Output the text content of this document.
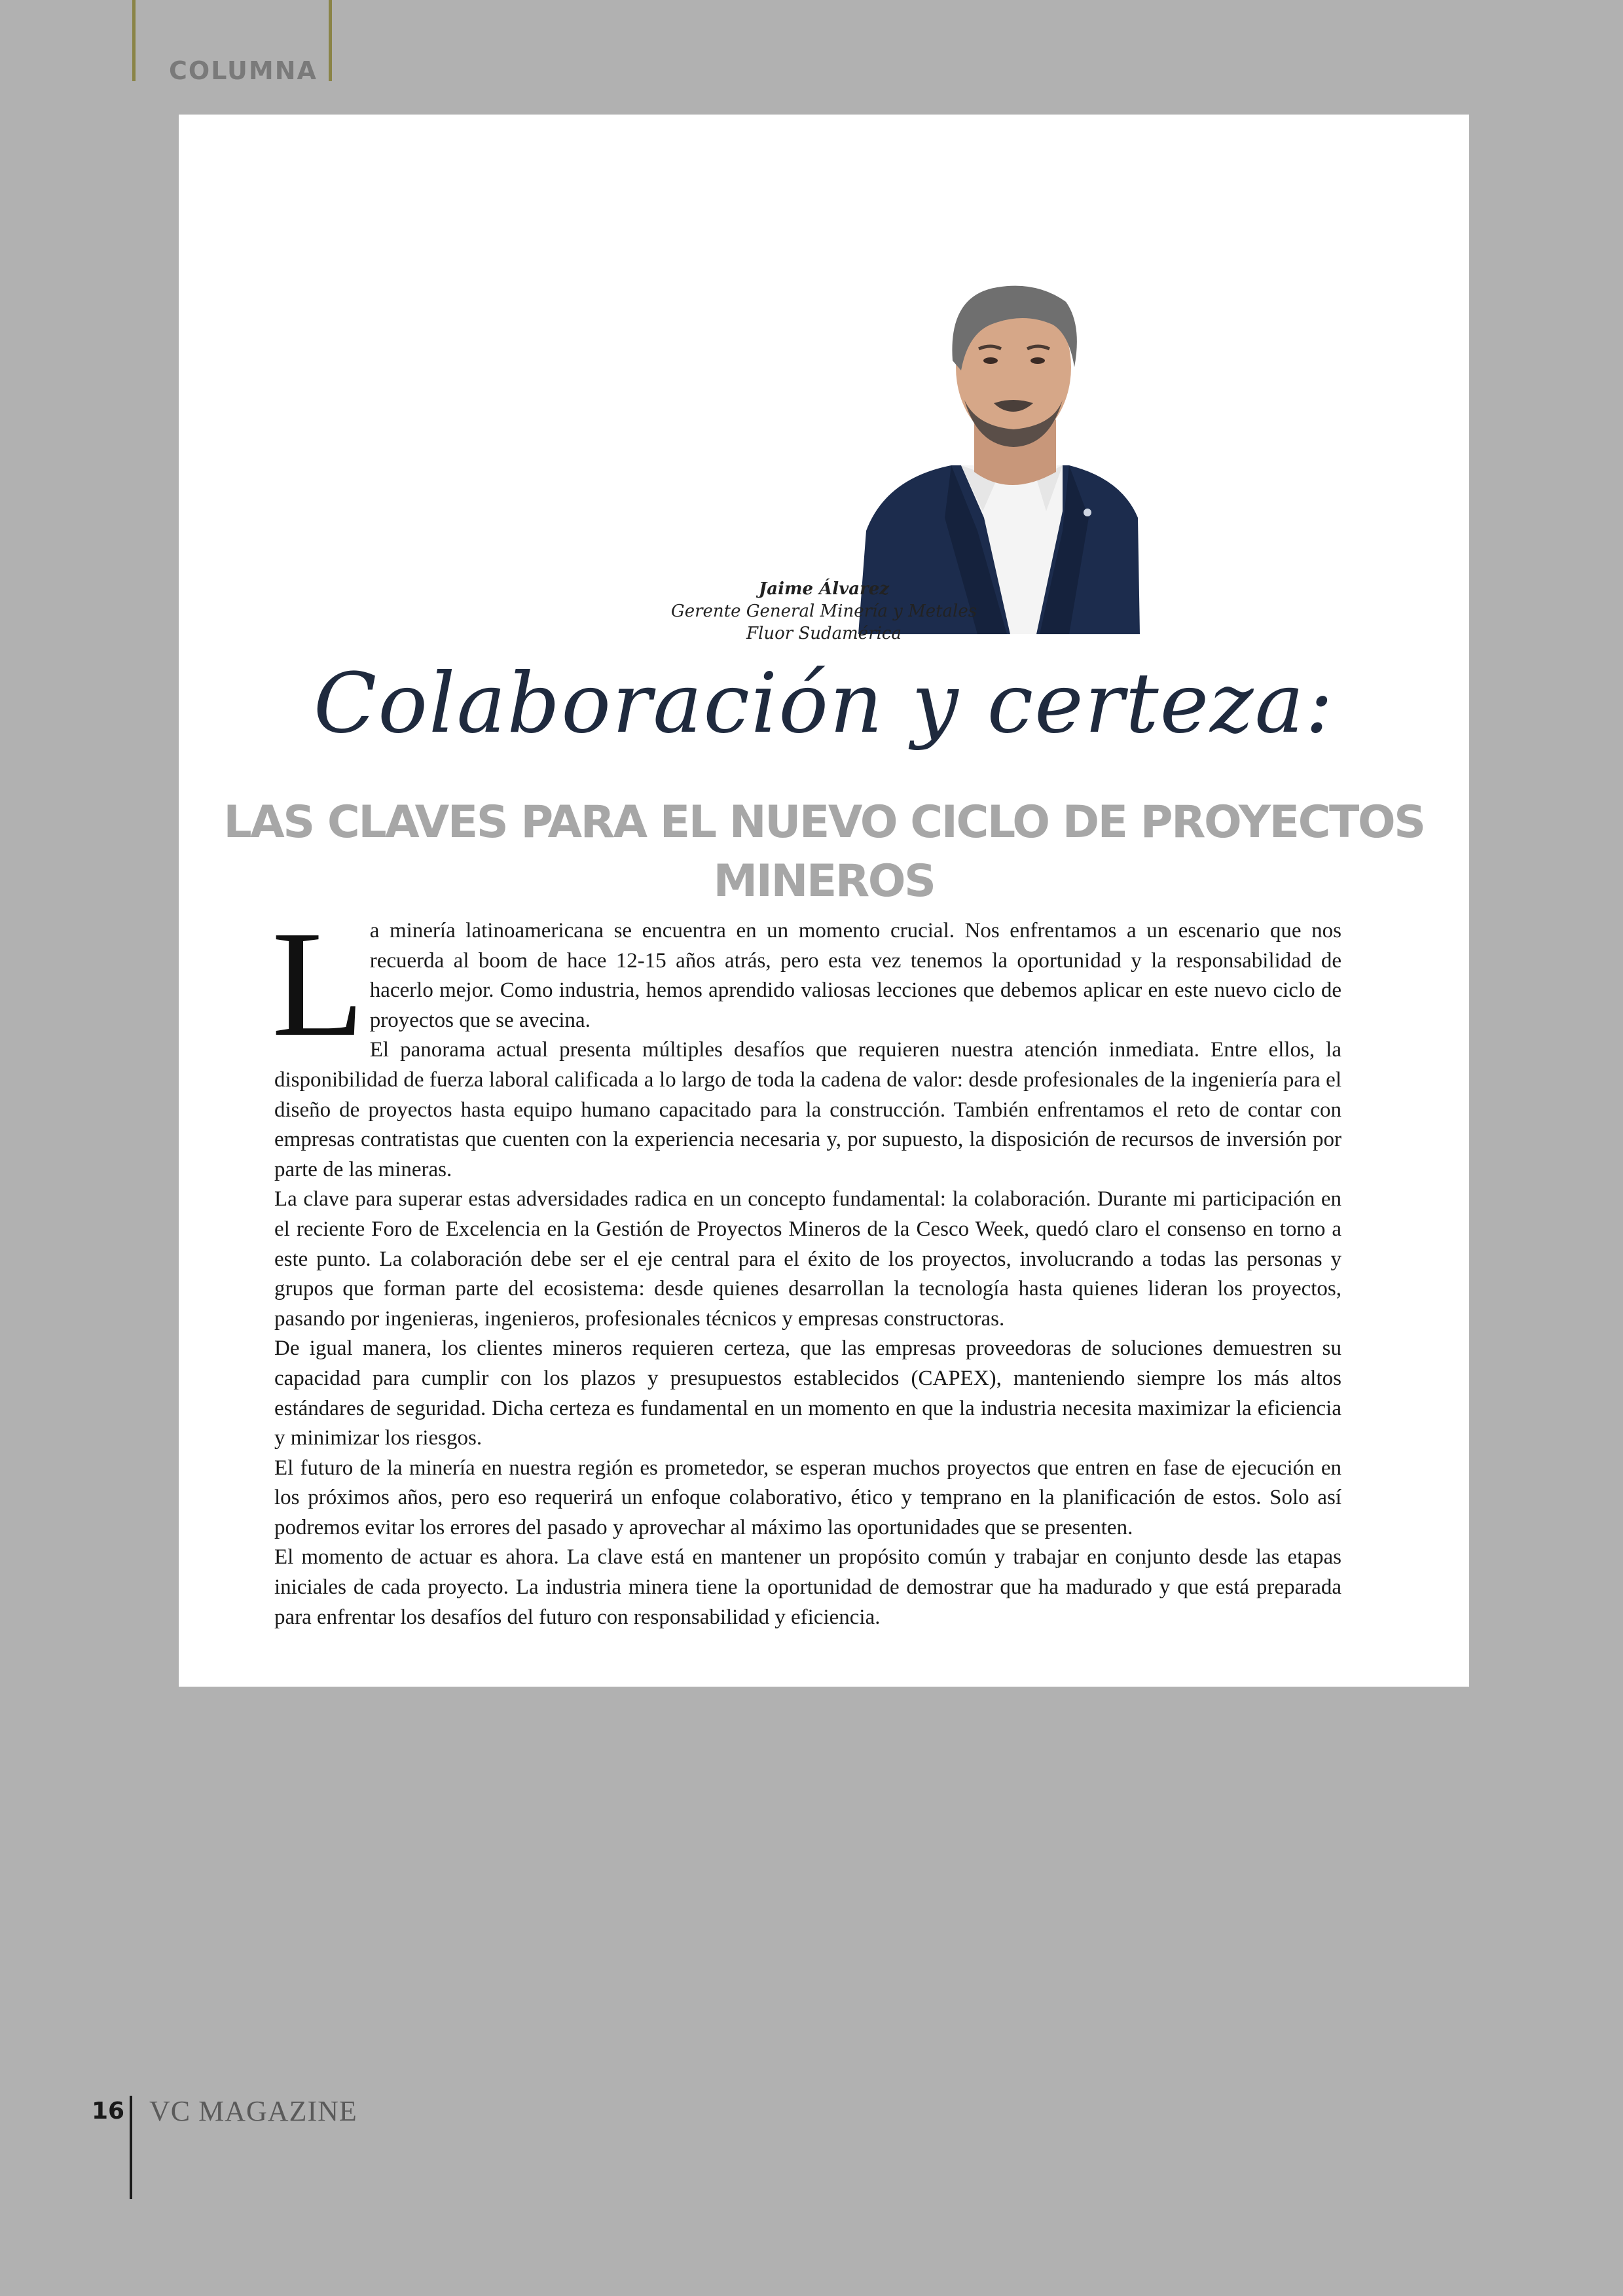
COLUMNA
Jaime Álvarez
Gerente General Minería y Metales
Fluor Sudamérica
Colaboración y certeza:
LAS CLAVES PARA EL NUEVO CICLO DE PROYECTOS MINEROS

La minería latinoamericana se encuentra en un momento crucial. Nos enfrentamos a un escenario que nos recuerda al boom de hace 12-15 años atrás, pero esta vez tenemos la oportunidad y la responsabilidad de hacerlo mejor. Como industria, hemos aprendido valiosas lecciones que debemos aplicar en este nuevo ciclo de proyectos que se avecina.

El panorama actual presenta múltiples desafíos que requieren nuestra atención inmediata. Entre ellos, la disponibilidad de fuerza laboral calificada a lo largo de toda la cadena de valor: desde profesionales de la ingeniería para el diseño de proyectos hasta equipo humano capacitado para la construcción. También enfrentamos el reto de contar con empresas contratistas que cuenten con la experiencia necesaria y, por supuesto, la disposición de recursos de inversión por parte de las mineras.

La clave para superar estas adversidades radica en un concepto fundamental: la colaboración. Durante mi participación en el reciente Foro de Excelencia en la Gestión de Proyectos Mineros de la Cesco Week, quedó claro el consenso en torno a este punto. La colaboración debe ser el eje central para el éxito de los proyectos, involucrando a todas las personas y grupos que forman parte del ecosistema: desde quienes desarrollan la tecnología hasta quienes lideran los proyectos, pasando por ingenieras, ingenieros, profesionales técnicos y empresas constructoras.

De igual manera, los clientes mineros requieren certeza, que las empresas proveedoras de soluciones demuestren su capacidad para cumplir con los plazos y presupuestos establecidos (CAPEX), manteniendo siempre los más altos estándares de seguridad. Dicha certeza es fundamental en un momento en que la industria necesita maximizar la eficiencia y minimizar los riesgos.

El futuro de la minería en nuestra región es prometedor, se esperan muchos proyectos que entren en fase de ejecución en los próximos años, pero eso requerirá un enfoque colaborativo, ético y temprano en la planificación de estos. Solo así podremos evitar los errores del pasado y aprovechar al máximo las oportunidades que se presenten.

El momento de actuar es ahora. La clave está en mantener un propósito común y trabajar en conjunto desde las etapas iniciales de cada proyecto. La industria minera tiene la oportunidad de demostrar que ha madurado y que está preparada para enfrentar los desafíos del futuro con responsabilidad y eficiencia.

16 VC MAGAZINE
